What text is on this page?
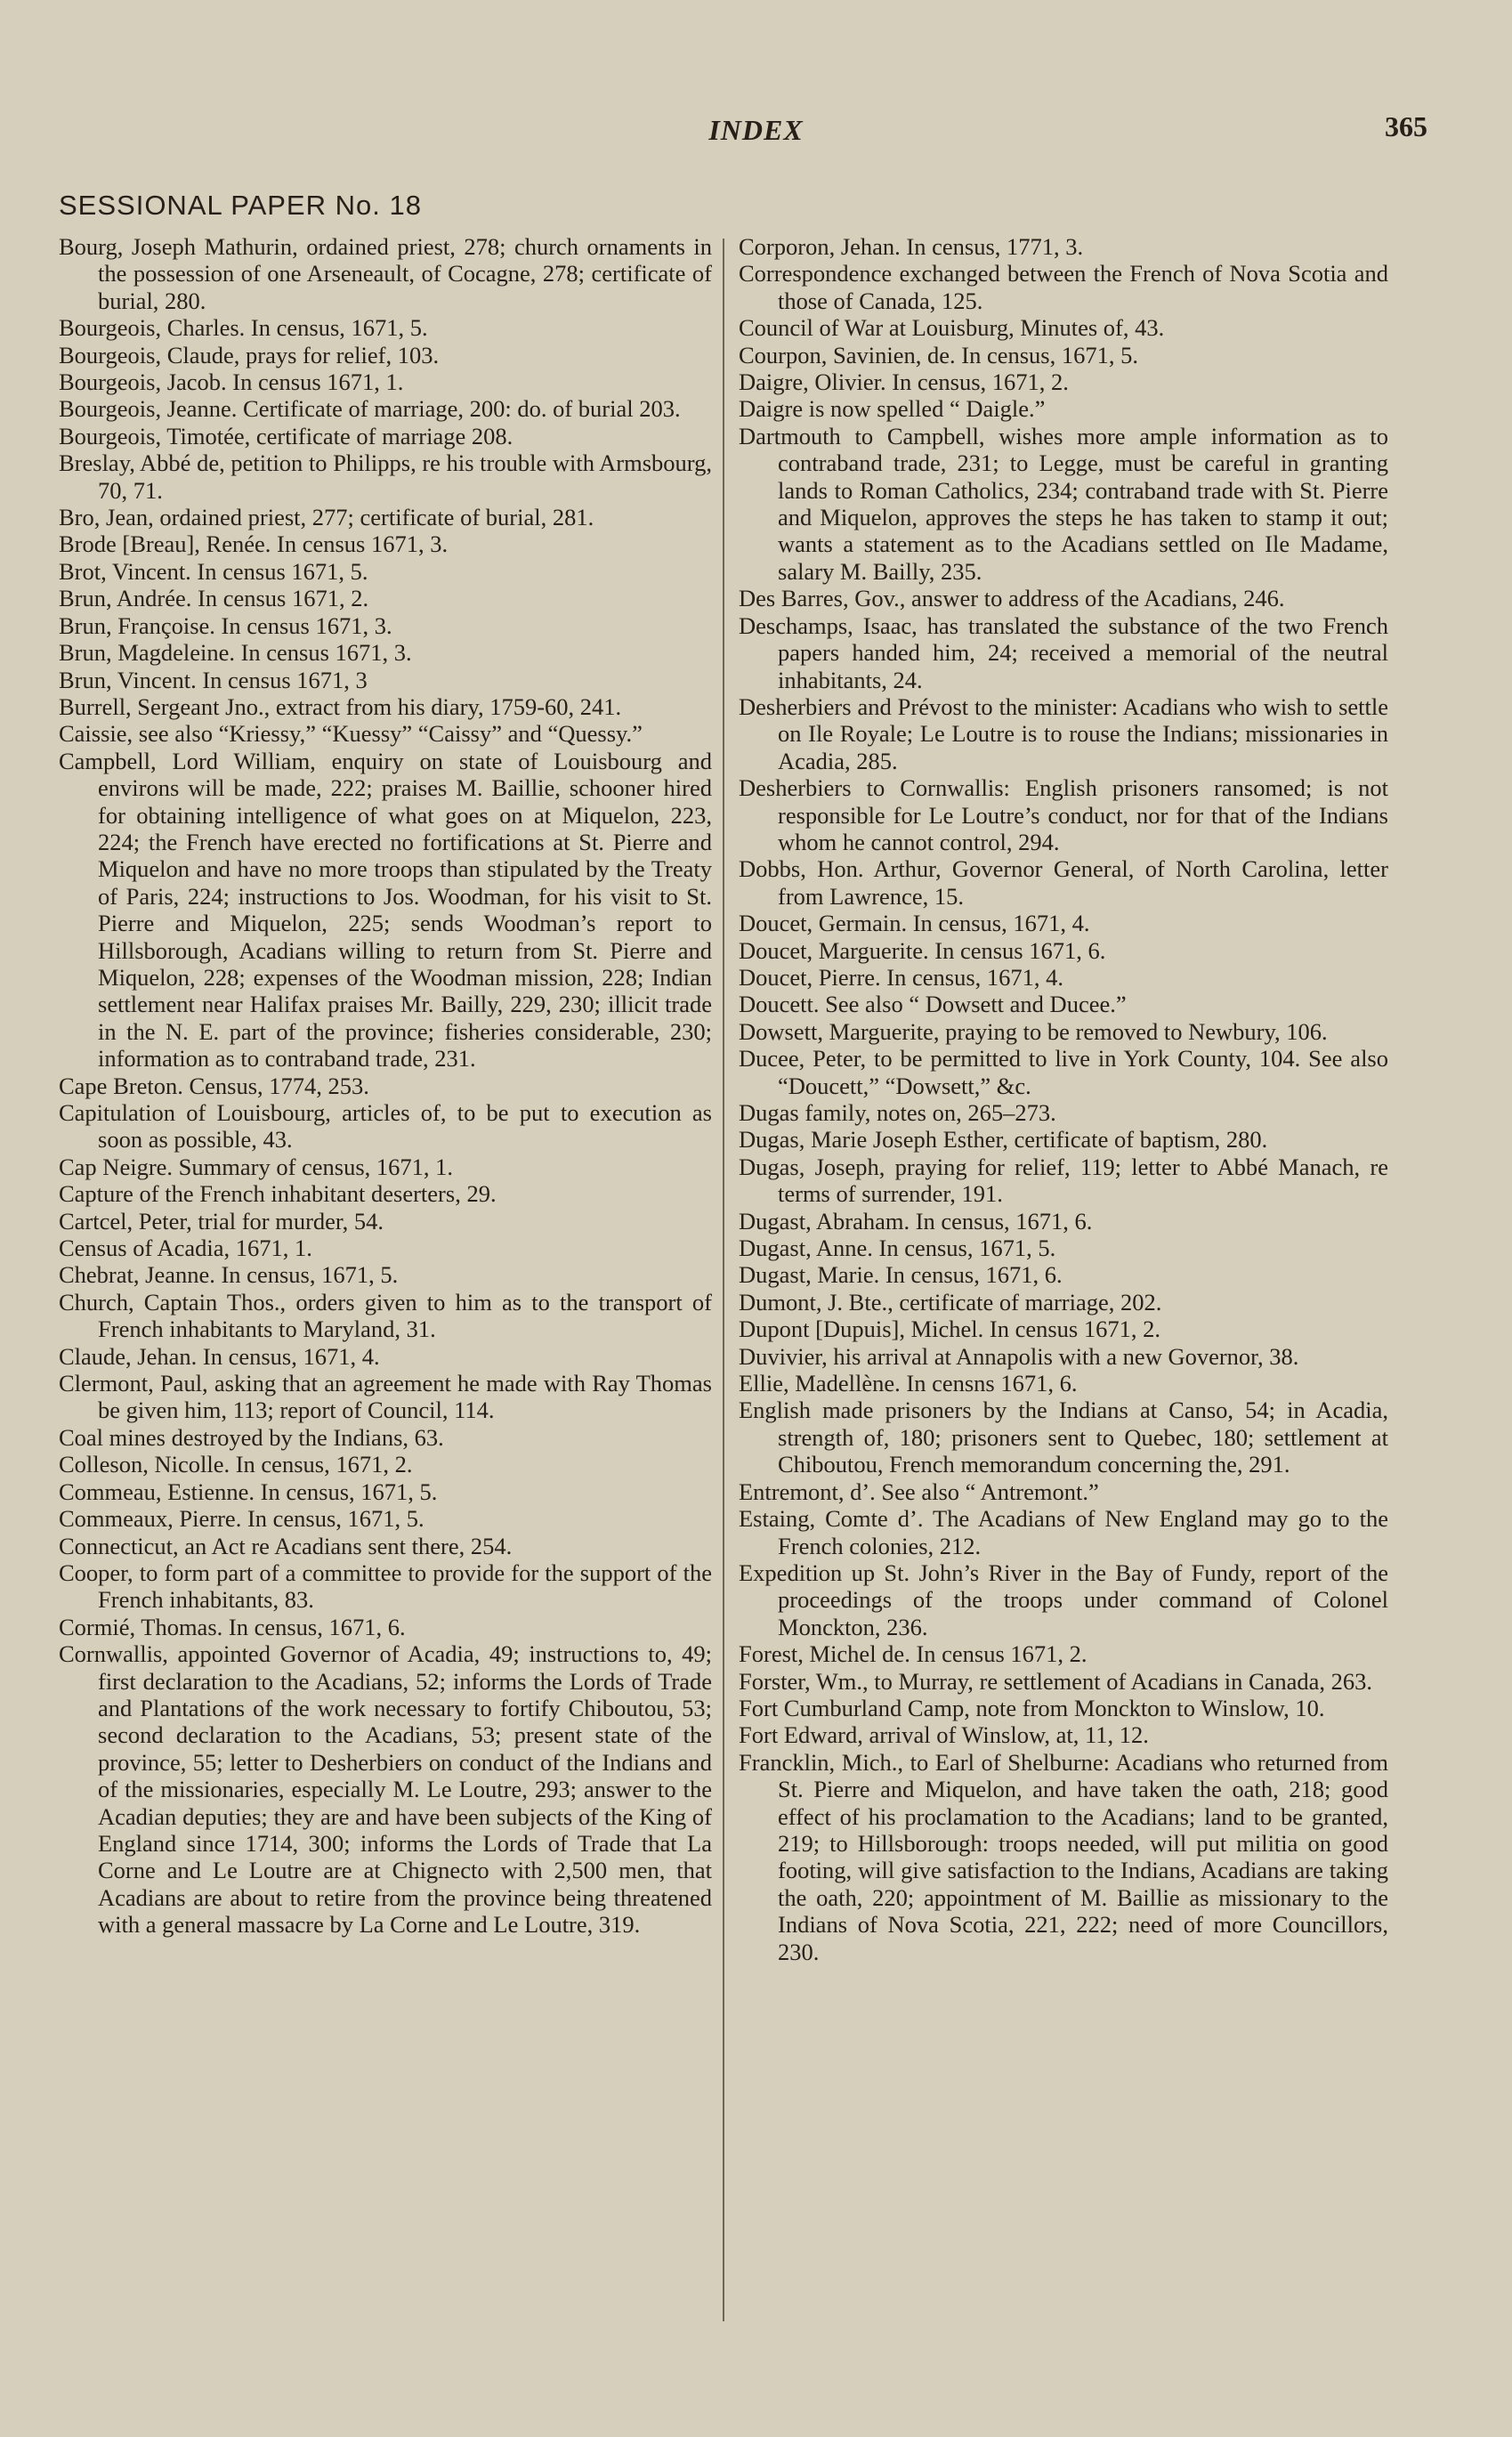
INDEX	365
SESSIONAL PAPER No. 18

Bourg, Joseph Mathurin, ordained priest, 278; church ornaments in the possession of one Arseneault, of Cocagne, 278; certificate of burial, 280.

Bourgeois, Charles. In census, 1671, 5.

Bourgeois, Claude, prays for relief, 103.

Bourgeois, Jacob. In census 1671, 1.

Bourgeois, Jeanne. Certificate of marriage, 200: do. of burial 203.

Bourgeois, Timotée, certificate of marriage 208.

Breslay, Abbé de, petition to Philipps, re his trouble with Armsbourg, 70, 71.

Bro, Jean, ordained priest, 277; certificate of burial, 281.

Brode [Breau], Renée. In census 1671, 3.

Brot, Vincent. In census 1671, 5.

Brun, Andrée. In census 1671, 2.

Brun, Françoise. In census 1671, 3.

Brun, Magdeleine. In census 1671, 3.

Brun, Vincent. In census 1671, 3

Burrell, Sergeant Jno., extract from his diary, 1759-60, 241.

Caissie, see also “Kriessy,” “Kuessy” “Caissy” and “Quessy.”

Campbell, Lord William, enquiry on state of Louisbourg and environs will be made, 222; praises M. Baillie, schooner hired for obtaining intelligence of what goes on at Miquelon, 223, 224; the French have erected no fortifications at St. Pierre and Miquelon and have no more troops than stipulated by the Treaty of Paris, 224; instructions to Jos. Woodman, for his visit to St. Pierre and Miquelon, 225; sends Woodman’s report to Hillsborough, Acadians willing to return from St. Pierre and Miquelon, 228; expenses of the Woodman mission, 228; Indian settlement near Halifax praises Mr. Bailly, 229, 230; illicit trade in the N. E. part of the province; fisheries considerable, 230; information as to contraband trade, 231.

Cape Breton. Census, 1774, 253.

Capitulation of Louisbourg, articles of, to be put to execution as soon as possible, 43.

Cap Neigre. Summary of census, 1671, 1.

Capture of the French inhabitant deserters, 29.

Cartcel, Peter, trial for murder, 54.

Census of Acadia, 1671, 1.

Chebrat, Jeanne. In census, 1671, 5.

Church, Captain Thos., orders given to him as to the transport of French inhabitants to Maryland, 31.

Claude, Jehan. In census, 1671, 4.

Clermont, Paul, asking that an agreement he made with Ray Thomas be given him, 113; report of Council, 114.

Coal mines destroyed by the Indians, 63.

Colleson, Nicolle. In census, 1671, 2.

Commeau, Estienne. In census, 1671, 5.

Commeaux, Pierre. In census, 1671, 5.

Connecticut, an Act re Acadians sent there, 254.

Cooper, to form part of a committee to provide for the support of the French inhabitants, 83.

Cormié, Thomas. In census, 1671, 6.

Cornwallis, appointed Governor of Acadia, 49; instructions to, 49; first declaration to the Acadians, 52; informs the Lords of Trade and Plantations of the work necessary to fortify Chiboutou, 53; second declaration to the Acadians, 53; present state of the province, 55; letter to Desherbiers on conduct of the Indians and of the missionaries, especially M. Le Loutre, 293; answer to the Acadian deputies; they are and have been subjects of the King of England since 1714, 300; informs the Lords of Trade that La Corne and Le Loutre are at Chignecto with 2,500 men, that Acadians are about to retire from the province being threatened with a general massacre by La Corne and Le Loutre, 319.

Corporon, Jehan. In census, 1771, 3.

Correspondence exchanged between the French of Nova Scotia and those of Canada, 125.

Council of War at Louisburg, Minutes of, 43.

Courpon, Savinien, de. In census, 1671, 5.

Daigre, Olivier. In census, 1671, 2.

Daigre is now spelled “ Daigle.”

Dartmouth to Campbell, wishes more ample information as to contraband trade, 231; to Legge, must be careful in granting lands to Roman Catholics, 234; contraband trade with St. Pierre and Miquelon, approves the steps he has taken to stamp it out; wants a statement as to the Acadians settled on Ile Madame, salary M. Bailly, 235.

Des Barres, Gov., answer to address of the Acadians, 246.

Deschamps, Isaac, has translated the substance of the two French papers handed him, 24; received a memorial of the neutral inhabitants, 24.

Desherbiers and Prévost to the minister: Acadians who wish to settle on Ile Royale; Le Loutre is to rouse the Indians; missionaries in Acadia, 285.

Desherbiers to Cornwallis: English prisoners ransomed; is not responsible for Le Loutre’s conduct, nor for that of the Indians whom he cannot control, 294.

Dobbs, Hon. Arthur, Governor General, of North Carolina, letter from Lawrence, 15.

Doucet, Germain. In census, 1671, 4.

Doucet, Marguerite. In census 1671, 6.

Doucet, Pierre. In census, 1671, 4.

Doucett. See also “ Dowsett and Ducee.”

Dowsett, Marguerite, praying to be removed to Newbury, 106.

Ducee, Peter, to be permitted to live in York County, 104. See also “Doucett,” “Dowsett,” &c.

Dugas family, notes on, 265–273.

Dugas, Marie Joseph Esther, certificate of baptism, 280.

Dugas, Joseph, praying for relief, 119; letter to Abbé Manach, re terms of surrender, 191.

Dugast, Abraham. In census, 1671, 6.

Dugast, Anne. In census, 1671, 5.

Dugast, Marie. In census, 1671, 6.

Dumont, J. Bte., certificate of marriage, 202.

Dupont [Dupuis], Michel. In census 1671, 2.

Duvivier, his arrival at Annapolis with a new Governor, 38.

Ellie, Madellène. In censns 1671, 6.

English made prisoners by the Indians at Canso, 54; in Acadia, strength of, 180; prisoners sent to Quebec, 180; settlement at Chiboutou, French memorandum concerning the, 291.

Entremont, d’. See also “ Antremont.”

Estaing, Comte d’. The Acadians of New England may go to the French colonies, 212.

Expedition up St. John’s River in the Bay of Fundy, report of the proceedings of the troops under command of Colonel Monckton, 236.

Forest, Michel de. In census 1671, 2.

Forster, Wm., to Murray, re settlement of Acadians in Canada, 263.

Fort Cumburland Camp, note from Monckton to Winslow, 10.

Fort Edward, arrival of Winslow, at, 11, 12.

Francklin, Mich., to Earl of Shelburne: Acadians who returned from St. Pierre and Miquelon, and have taken the oath, 218; good effect of his proclamation to the Acadians; land to be granted, 219; to Hillsborough: troops needed, will put militia on good footing, will give satisfaction to the Indians, Acadians are taking the oath, 220; appointment of M. Baillie as missionary to the Indians of Nova Scotia, 221, 222; need of more Councillors, 230.
